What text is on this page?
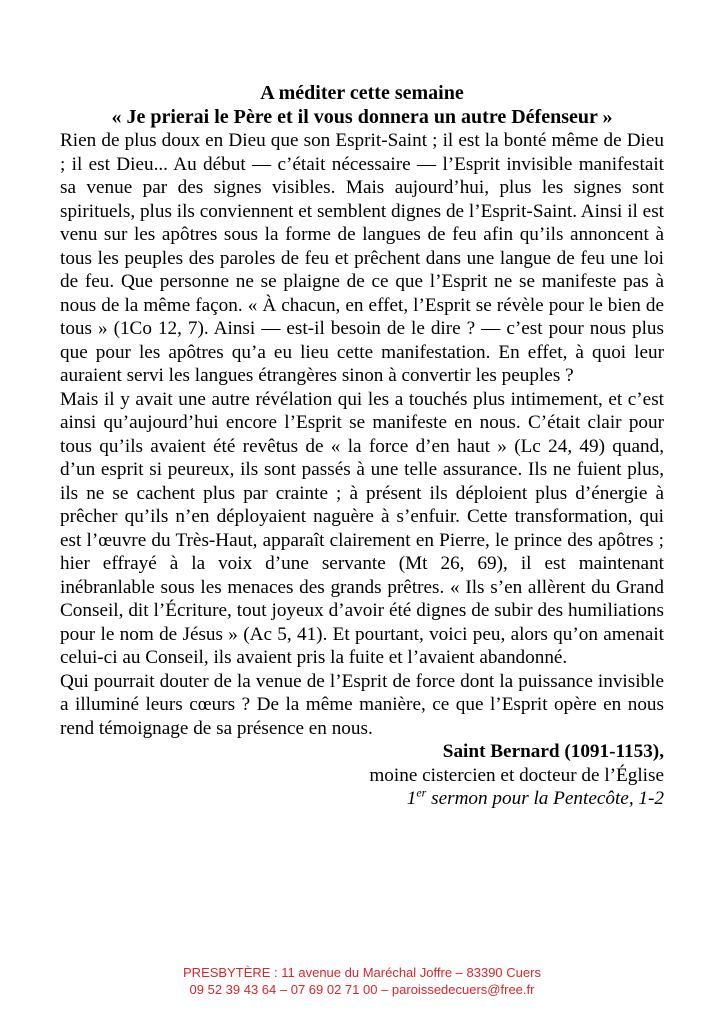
A méditer cette semaine
« Je prierai le Père et il vous donnera un autre Défenseur »

Rien de plus doux en Dieu que son Esprit-Saint ; il est la bonté même de Dieu ; il est Dieu... Au début — c’était nécessaire — l’Esprit invisible manifestait sa venue par des signes visibles. Mais aujourd’hui, plus les signes sont spirituels, plus ils conviennent et semblent dignes de l’Esprit-Saint. Ainsi il est venu sur les apôtres sous la forme de langues de feu afin qu’ils annoncent à tous les peuples des paroles de feu et prêchent dans une langue de feu une loi de feu. Que personne ne se plaigne de ce que l’Esprit ne se manifeste pas à nous de la même façon. « À chacun, en effet, l’Esprit se révèle pour le bien de tous » (1Co 12, 7). Ainsi — est-il besoin de le dire ? — c’est pour nous plus que pour les apôtres qu’a eu lieu cette manifestation. En effet, à quoi leur auraient servi les langues étrangères sinon à convertir les peuples ?

Mais il y avait une autre révélation qui les a touchés plus intimement, et c’est ainsi qu’aujourd’hui encore l’Esprit se manifeste en nous. C’était clair pour tous qu’ils avaient été revêtus de « la force d’en haut » (Lc 24, 49) quand, d’un esprit si peureux, ils sont passés à une telle assurance. Ils ne fuient plus, ils ne se cachent plus par crainte ; à présent ils déploient plus d’énergie à prêcher qu’ils n’en déployaient naguère à s’enfuir. Cette transformation, qui est l’œuvre du Très-Haut, apparaît clairement en Pierre, le prince des apôtres ; hier effrayé à la voix d’une servante (Mt 26, 69), il est maintenant inébranlable sous les menaces des grands prêtres. « Ils s’en allèrent du Grand Conseil, dit l’Écriture, tout joyeux d’avoir été dignes de subir des humiliations pour le nom de Jésus » (Ac 5, 41). Et pourtant, voici peu, alors qu’on amenait celui-ci au Conseil, ils avaient pris la fuite et l’avaient abandonné.

Qui pourrait douter de la venue de l’Esprit de force dont la puissance invisible a illuminé leurs cœurs ? De la même manière, ce que l’Esprit opère en nous rend témoignage de sa présence en nous.

Saint Bernard (1091-1153),
moine cistercien et docteur de l’Église
1er sermon pour la Pentecôte, 1-2
PRESBYTÈRE : 11 avenue du Maréchal Joffre – 83390 Cuers
09 52 39 43 64 – 07 69 02 71 00 – paroissedecuers@free.fr
